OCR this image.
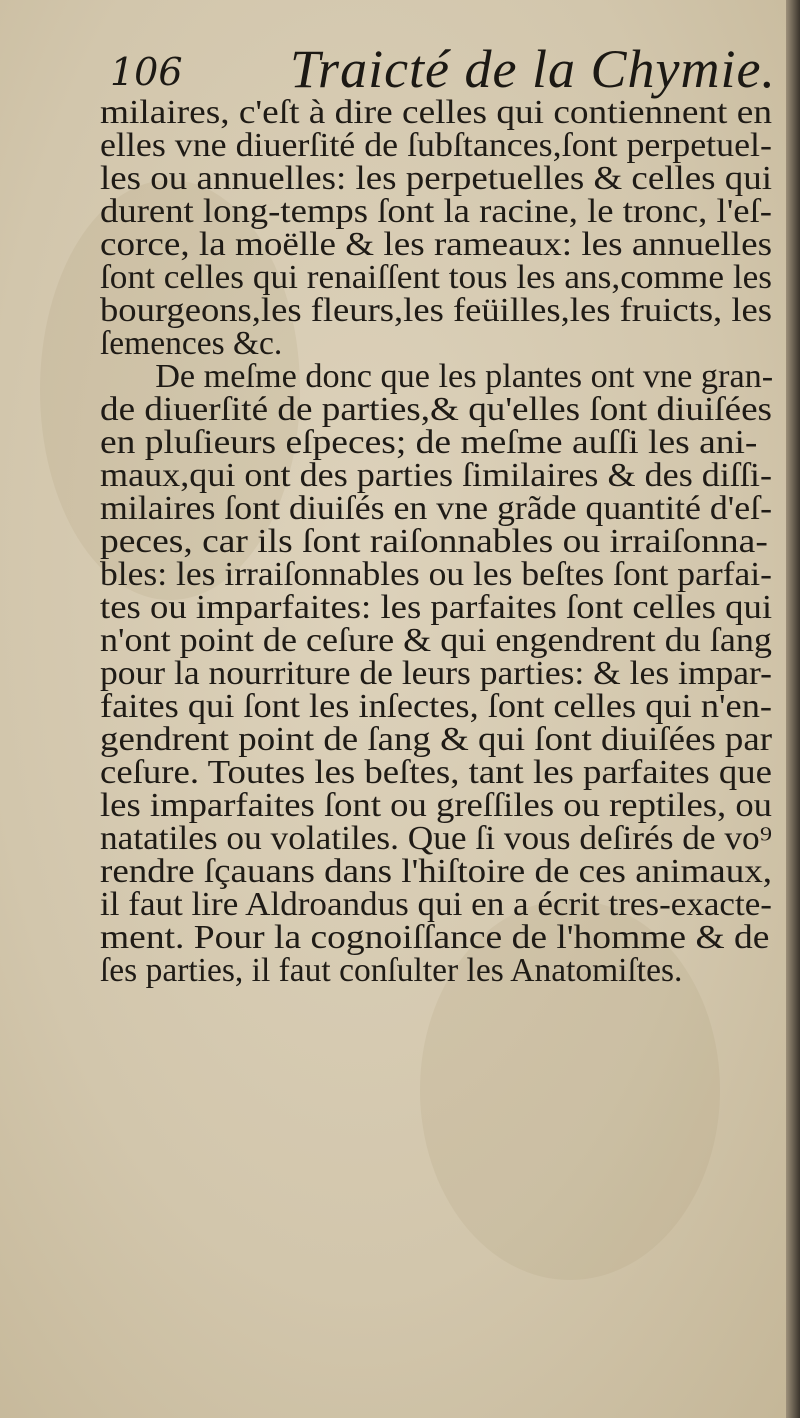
106 Traicté de la Chymie.
milaires, c'eſt à dire celles qui contiennent en
elles vne diuerſité de ſubſtances,ſont perpetuel-
les ou annuelles: les perpetuelles & celles qui
durent long-temps ſont la racine, le tronc, l'eſ-
corce, la moëlle & les rameaux: les annuelles
ſont celles qui renaiſſent tous les ans,comme les
bourgeons,les fleurs,les feüilles,les fruicts, les
ſemences &c.
De meſme donc que les plantes ont vne gran-
de diuerſité de parties,& qu'elles ſont diuiſées
en pluſieurs eſpeces; de meſme auſſi les ani-
maux,qui ont des parties ſimilaires & des diſſi-
milaires ſont diuiſés en vne grãde quantité d'eſ-
peces, car ils ſont raiſonnables ou irraiſonna-
bles: les irraiſonnables ou les beſtes ſont parfai-
tes ou imparfaites: les parfaites ſont celles qui
n'ont point de ceſure & qui engendrent du ſang
pour la nourriture de leurs parties: & les impar-
faites qui ſont les inſectes, ſont celles qui n'en-
gendrent point de ſang & qui ſont diuiſées par
ceſure. Toutes les beſtes, tant les parfaites que
les imparfaites ſont ou greſſiles ou reptiles, ou
natatiles ou volatiles. Que ſi vous deſirés de vo⁹
rendre ſçauans dans l'hiſtoire de ces animaux,
il faut lire Aldroandus qui en a écrit tres-exacte-
ment. Pour la cognoiſſance de l'homme & de
ſes parties, il faut conſulter les Anatomiſtes.
